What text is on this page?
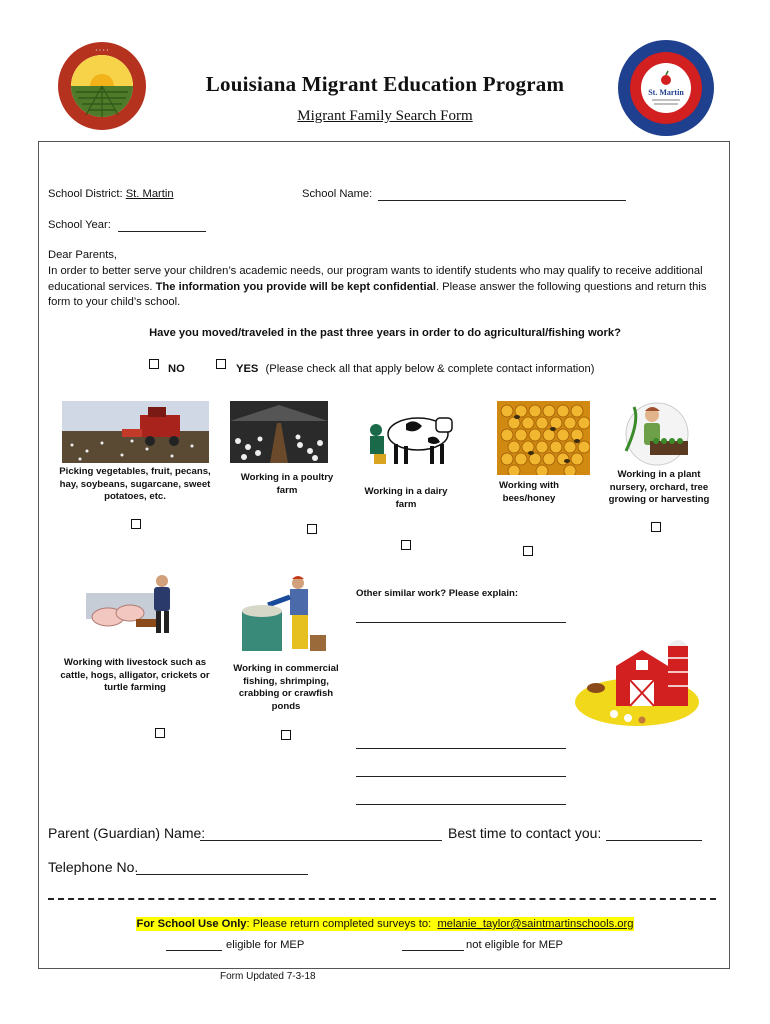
· · · ·
St. Martin
Louisiana Migrant Education Program
Migrant Family Search Form
School District: St. Martin	School Name:
School Year:
Dear Parents,
In order to better serve your children’s academic needs, our program wants to identify students who may qualify to receive additional educational services. The information you provide will be kept confidential. Please answer the following questions and return this form to your child’s school.
Have you moved/traveled in the past three years in order to do agricultural/fishing work?
NO	YES (Please check all that apply below & complete contact information)
Picking vegetables, fruit, pecans, hay, soybeans, sugarcane, sweet potatoes, etc.
Working in a poultry farm	Working in a dairy farm
Working with bees/honey
Working in a plant nursery, orchard, tree growing or harvesting
Working with livestock such as cattle, hogs, alligator, crickets or turtle farming
Working in commercial fishing, shrimping, crabbing or crawfish ponds
Other similar work? Please explain:
Parent (Guardian) Name:	Best time to contact you:
Telephone No.
For School Use Only: Please return completed surveys to: melanie_taylor@saintmartinschools.org
eligible for MEP	not eligible for MEP
Form Updated 7-3-18
